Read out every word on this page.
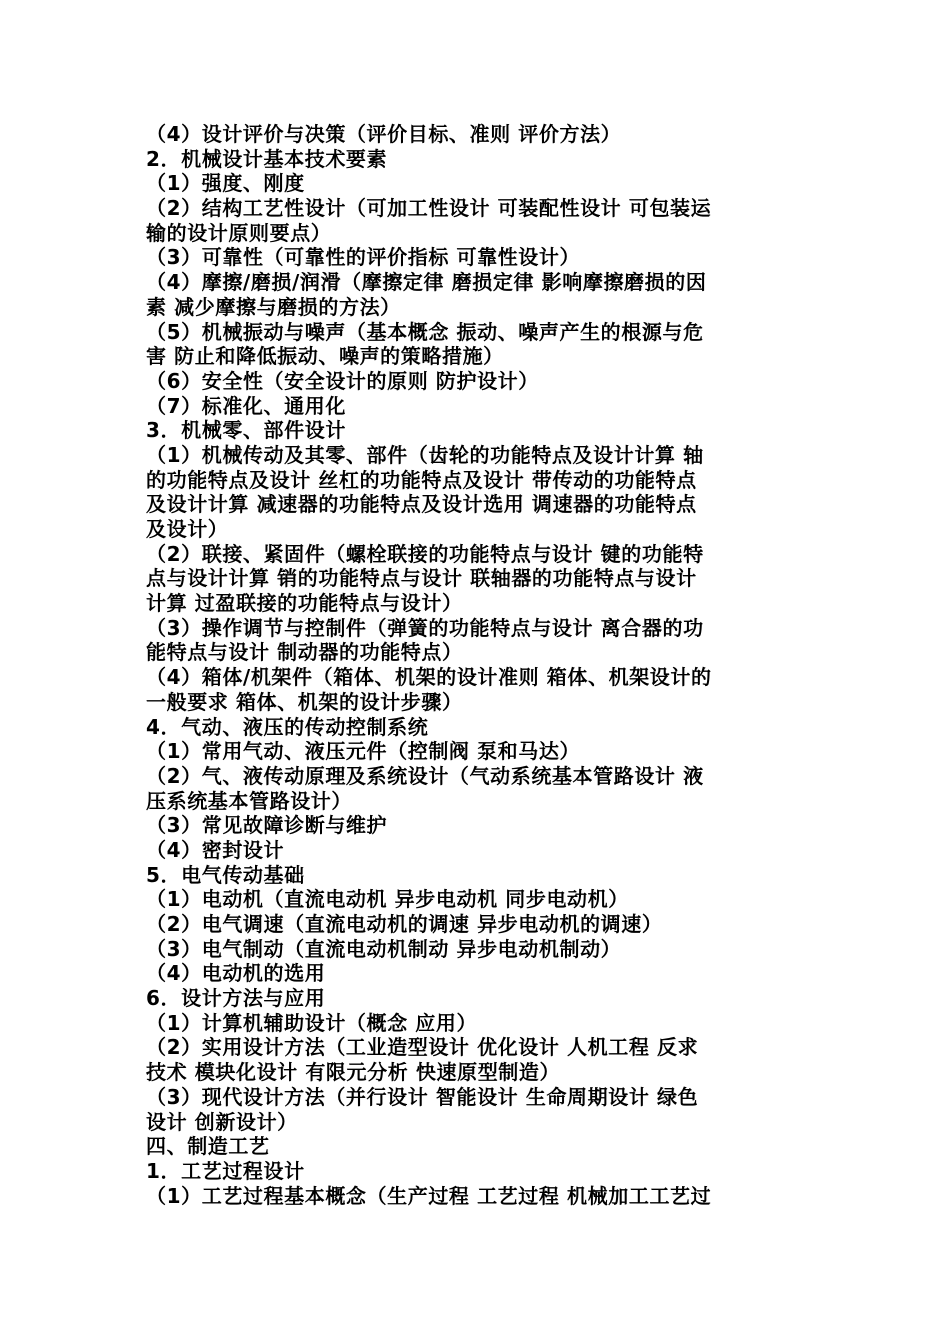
（4）设计评价与决策（评价目标、准则 评价方法）
2．机械设计基本技术要素
（1）强度、刚度
（2）结构工艺性设计（可加工性设计 可装配性设计 可包装运
输的设计原则要点）
（3）可靠性（可靠性的评价指标 可靠性设计）
（4）摩擦/磨损/润滑（摩擦定律 磨损定律 影响摩擦磨损的因
素 减少摩擦与磨损的方法）
（5）机械振动与噪声（基本概念 振动、噪声产生的根源与危
害 防止和降低振动、噪声的策略措施）
（6）安全性（安全设计的原则 防护设计）
（7）标准化、通用化
3．机械零、部件设计
（1）机械传动及其零、部件（齿轮的功能特点及设计计算 轴
的功能特点及设计 丝杠的功能特点及设计 带传动的功能特点
及设计计算 减速器的功能特点及设计选用 调速器的功能特点
及设计）
（2）联接、紧固件（螺栓联接的功能特点与设计 键的功能特
点与设计计算 销的功能特点与设计 联轴器的功能特点与设计
计算 过盈联接的功能特点与设计）
（3）操作调节与控制件（弹簧的功能特点与设计 离合器的功
能特点与设计 制动器的功能特点）
（4）箱体/机架件（箱体、机架的设计准则 箱体、机架设计的
一般要求 箱体、机架的设计步骤）
4．气动、液压的传动控制系统
（1）常用气动、液压元件（控制阀 泵和马达）
（2）气、液传动原理及系统设计（气动系统基本管路设计 液
压系统基本管路设计）
（3）常见故障诊断与维护
（4）密封设计
5．电气传动基础
（1）电动机（直流电动机 异步电动机 同步电动机）
（2）电气调速（直流电动机的调速 异步电动机的调速）
（3）电气制动（直流电动机制动 异步电动机制动）
（4）电动机的选用
6．设计方法与应用
（1）计算机辅助设计（概念 应用）
（2）实用设计方法（工业造型设计 优化设计 人机工程 反求
技术 模块化设计 有限元分析 快速原型制造）
（3）现代设计方法（并行设计 智能设计 生命周期设计 绿色
设计 创新设计）
四、制造工艺
1．工艺过程设计
（1）工艺过程基本概念（生产过程 工艺过程 机械加工工艺过
